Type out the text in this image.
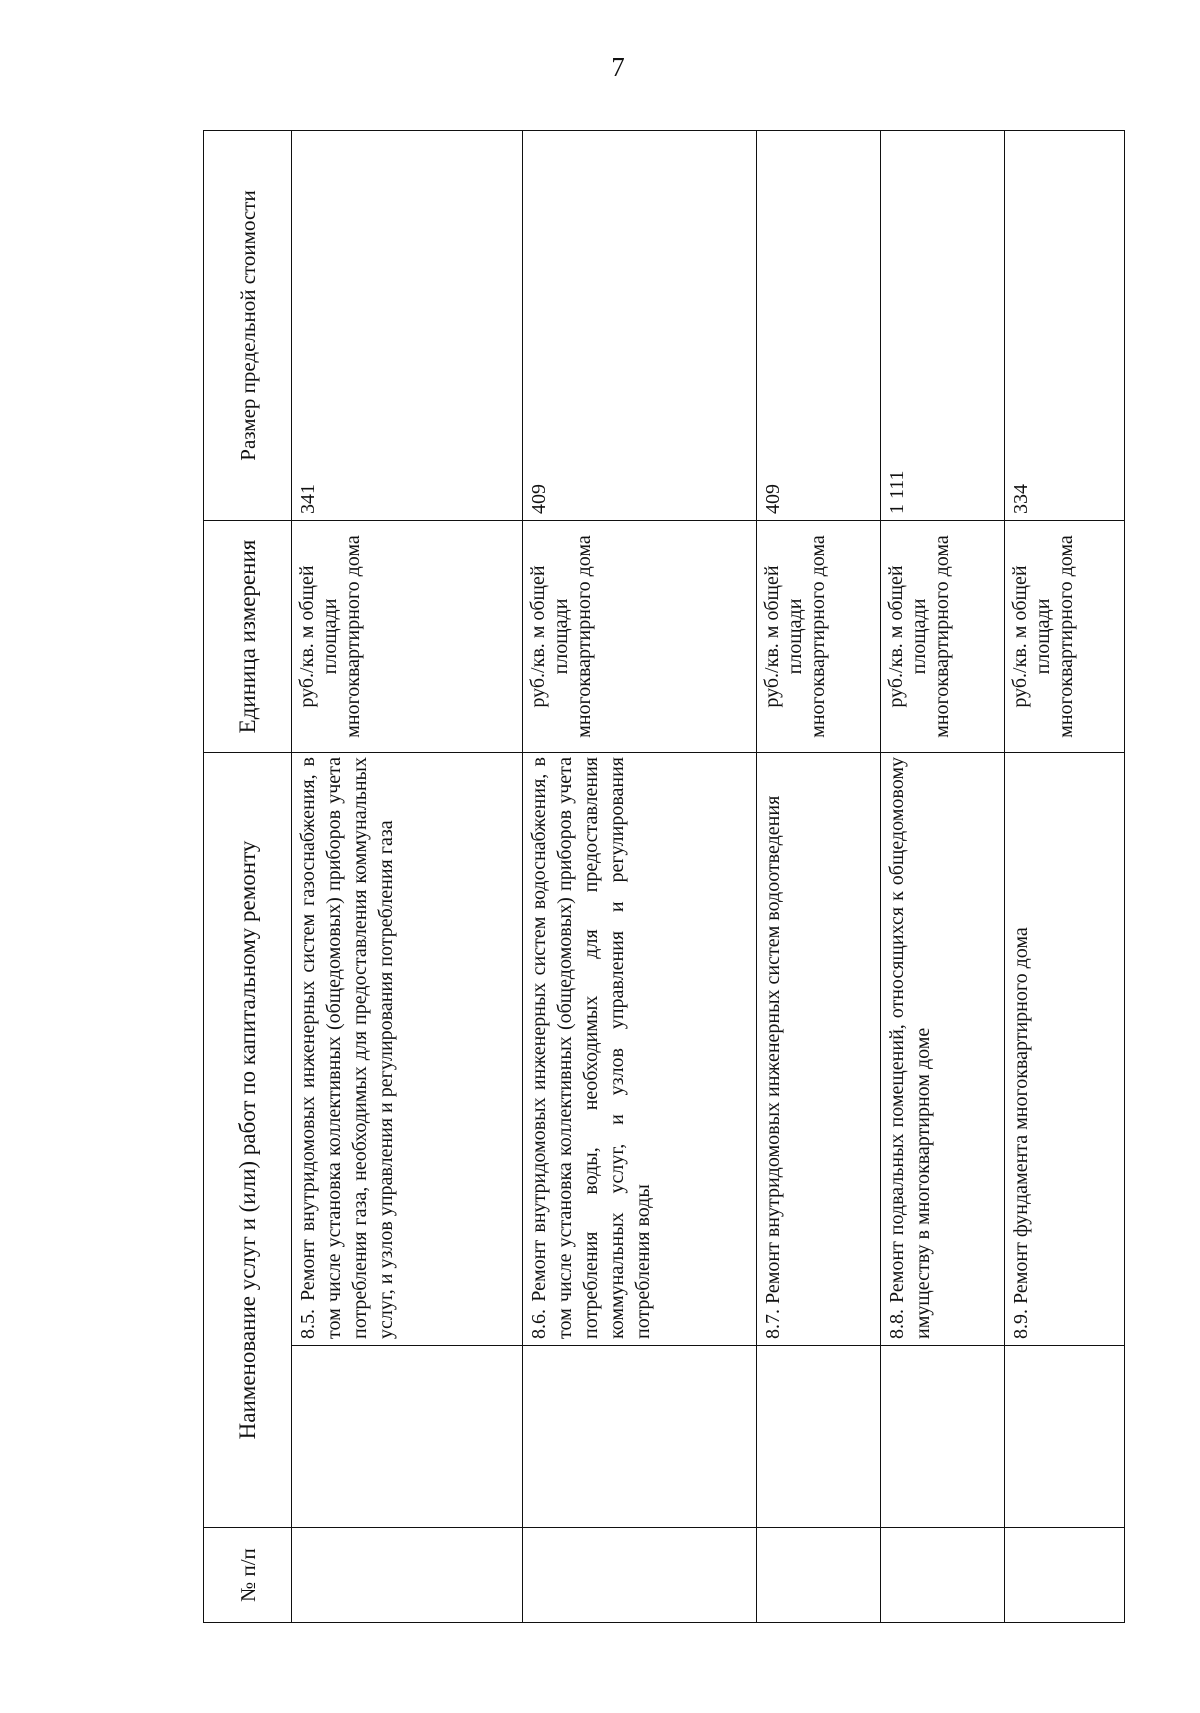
7
№ п/п	Наименование услуг и (или) работ по капитальному ремонту		Единица измерения	Размер предельной стоимости

		8.5. Ремонт внутридомовых инженерных систем газоснабжения, в том числе установка коллективных (общедомовых) приборов учета потребления газа, необходимых для предоставления коммунальных услуг, и узлов управления и регулирования потребления газа	руб./кв. м общей площади многоквартирного дома	341

		8.6. Ремонт внутридомовых инженерных систем водоснабжения, в том числе установка коллективных (общедомовых) приборов учета потребления воды, необходимых для предоставления коммунальных услуг, и узлов управления и регулирования потребления воды	руб./кв. м общей площади многоквартирного дома	409

		8.7. Ремонт внутридомовых инженерных систем водоотведения	руб./кв. м общей площади многоквартирного дома	409

		8.8. Ремонт подвальных помещений, относящихся к общедомовому имуществу в многоквартирном доме	руб./кв. м общей площади многоквартирного дома	1 111

		8.9. Ремонт фундамента многоквартирного дома	руб./кв. м общей площади многоквартирного дома	334
